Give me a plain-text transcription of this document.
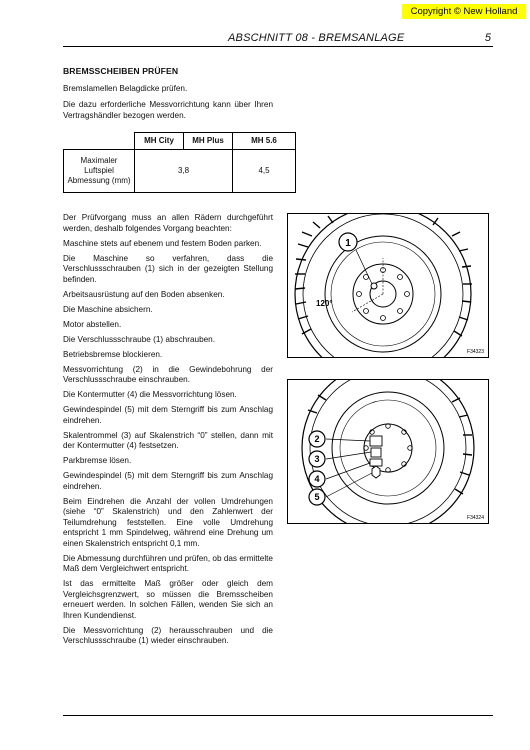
Copyright © New Holland
ABSCHNITT 08 - BREMSANLAGE	5
BREMSSCHEIBEN PRÜFEN

Bremslamellen Belagdicke prüfen.

Die dazu erforderliche Messvorrichtung kann über Ihren Vertragshändler bezogen werden.

	MH City	MH Plus	MH 5.6
Maximaler Luftspiel Abmessung (mm)	3,8		4,5

Der Prüfvorgang muss an allen Rädern durchgeführt werden, deshalb folgendes Vorgang beachten:

Maschine stets auf ebenem und festem Boden parken.

Die Maschine so verfahren, dass die Verschlussschrauben (1) sich in der gezeigten Stellung befinden.

Arbeitsausrüstung auf den Boden absenken.

Die Maschine absichern.

Motor abstellen.

Die Verschlussschraube (1) abschrauben.

Betriebsbremse blockieren.

Messvorrichtung (2) in die Gewindebohrung der Verschlussschraube einschrauben.

Die Kontermutter (4) die Messvorrichtung lösen.

Gewindespindel (5) mit dem Sterngriff bis zum Anschlag eindrehen.

Skalentrommel (3) auf Skalenstrich “0” stellen, dann mit der Kontermutter (4) festsetzen.

Parkbremse lösen.

Gewindespindel (5) mit dem Sterngriff bis zum Anschlag eindrehen.

Beim Eindrehen die Anzahl der vollen Umdrehungen (siehe “0” Skalenstrich) und den Zahlenwert der Teilumdrehung feststellen. Eine volle Umdrehung entspricht 1 mm Spindelweg, während eine Drehung um einen Skalenstrich entspricht 0,1 mm.

Die Abmessung durchführen und prüfen, ob das ermittelte Maß dem Vergleichwert entspricht.

Ist das ermittelte Maß größer oder gleich dem Vergleichsgrenzwert, so müssen die Bremsscheiben erneuert werden. In solchen Fällen, wenden Sie sich an Ihren Kundendienst.

Die Messvorrichtung (2) herausschrauben und die Verschlussschraube (1) wieder einschrauben.

1
120°
F34323
2
3
4
5
F34324
